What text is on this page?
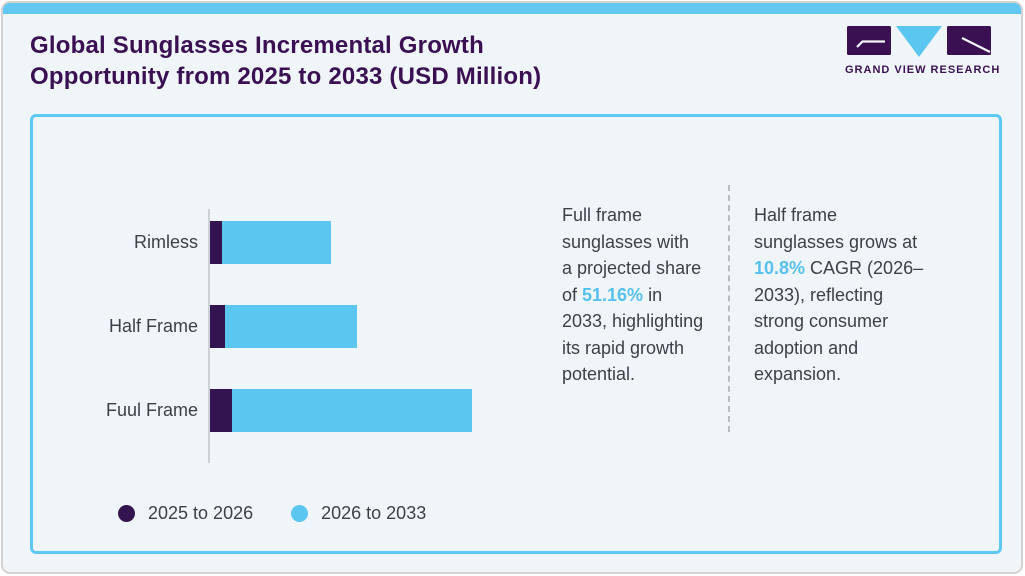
Global Sunglasses Incremental Growth
Opportunity from 2025 to 2033 (USD Million)	GRAND VIEW RESEARCH
Rimless
Half Frame
Fuul Frame
2025 to 2026	2026 to 2033
Full frame sunglasses with a projected share of 51.16% in 2033, highlighting its rapid growth potential.
Half frame sunglasses grows at 10.8% CAGR (2026–2033), reflecting strong consumer adoption and expansion.
